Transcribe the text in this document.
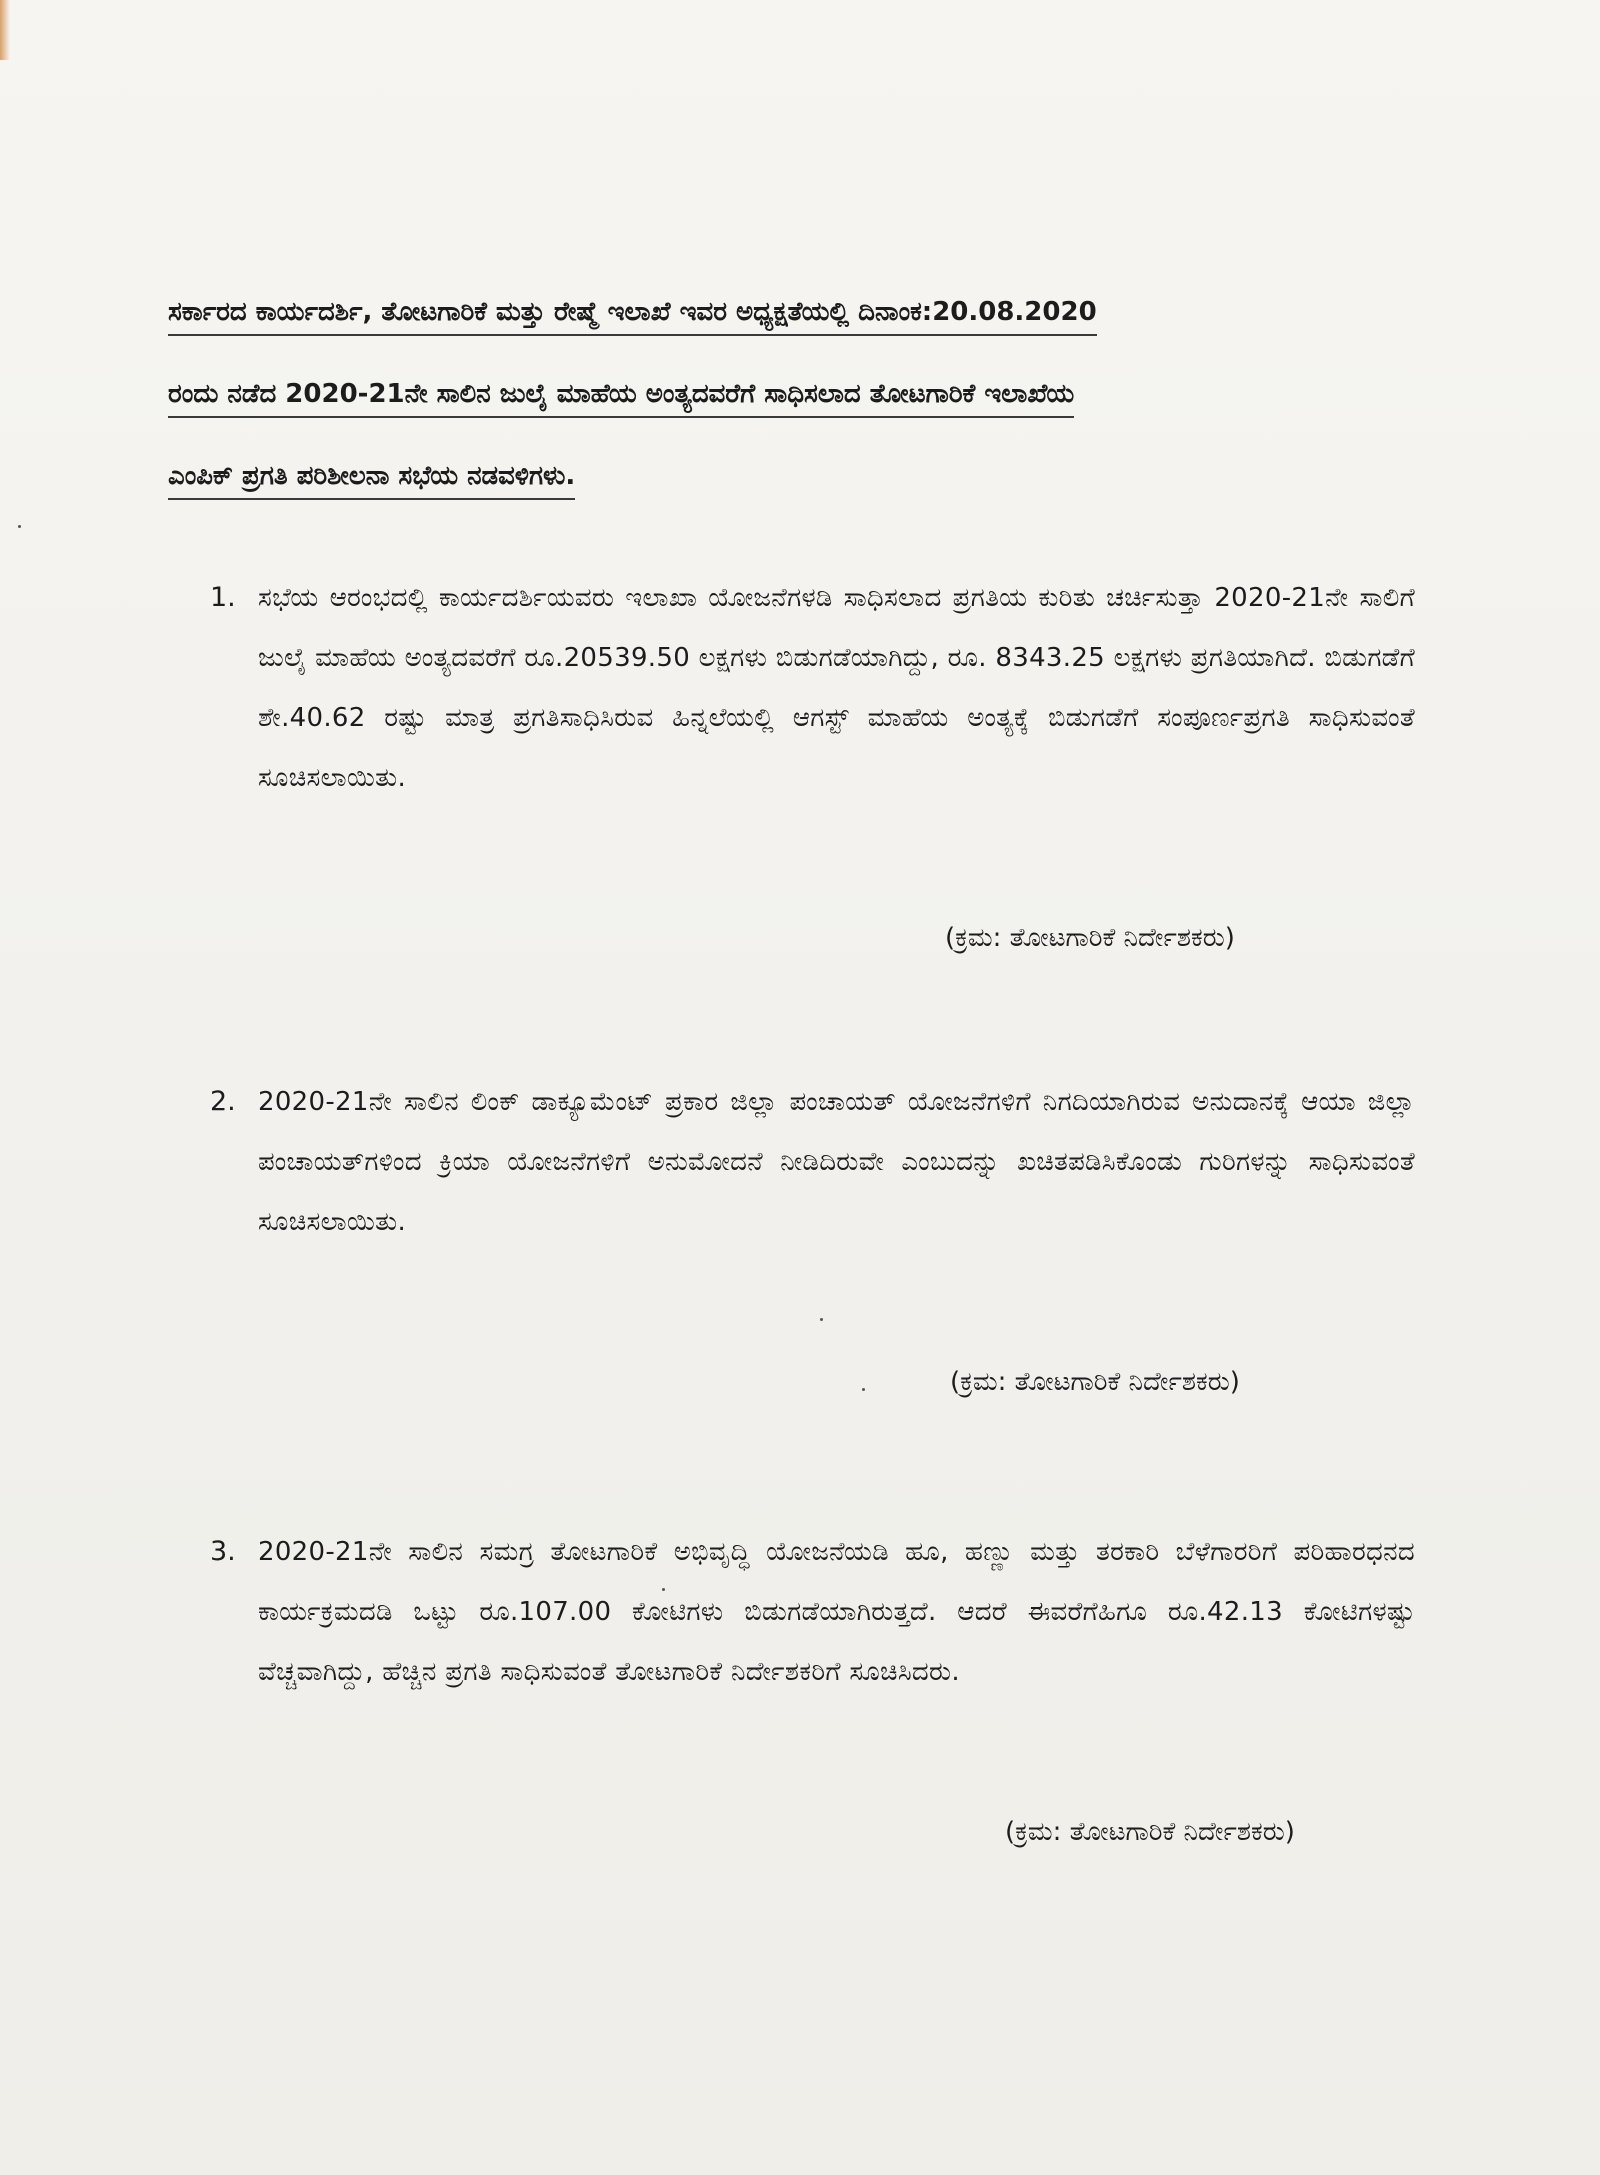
ಸರ್ಕಾರದ ಕಾರ್ಯದರ್ಶಿ, ತೋಟಗಾರಿಕೆ ಮತ್ತು ರೇಷ್ಮೆ ಇಲಾಖೆ ಇವರ ಅಧ್ಯಕ್ಷತೆಯಲ್ಲಿ ದಿನಾಂಕ:20.08.2020
ರಂದು ನಡೆದ 2020-21ನೇ ಸಾಲಿನ ಜುಲೈ ಮಾಹೆಯ ಅಂತ್ಯದವರೆಗೆ ಸಾಧಿಸಲಾದ ತೋಟಗಾರಿಕೆ ಇಲಾಖೆಯ
ಎಂಪಿಕ್ ಪ್ರಗತಿ ಪರಿಶೀಲನಾ ಸಭೆಯ ನಡವಳಿಗಳು.
1. ಸಭೆಯ ಆರಂಭದಲ್ಲಿ ಕಾರ್ಯದರ್ಶಿಯವರು ಇಲಾಖಾ ಯೋಜನೆಗಳಡಿ ಸಾಧಿಸಲಾದ ಪ್ರಗತಿಯ ಕುರಿತು ಚರ್ಚಿಸುತ್ತಾ 2020-21ನೇ ಸಾಲಿಗೆ ಜುಲೈ ಮಾಹೆಯ ಅಂತ್ಯದವರೆಗೆ ರೂ.20539.50 ಲಕ್ಷಗಳು ಬಿಡುಗಡೆಯಾಗಿದ್ದು, ರೂ. 8343.25 ಲಕ್ಷಗಳು ಪ್ರಗತಿಯಾಗಿದೆ. ಬಿಡುಗಡೆಗೆ ಶೇ.40.62 ರಷ್ಟು ಮಾತ್ರ ಪ್ರಗತಿಸಾಧಿಸಿರುವ ಹಿನ್ನಲೆಯಲ್ಲಿ ಆಗಸ್ಟ್ ಮಾಹೆಯ ಅಂತ್ಯಕ್ಕೆ ಬಿಡುಗಡೆಗೆ ಸಂಪೂರ್ಣಪ್ರಗತಿ ಸಾಧಿಸುವಂತೆ ಸೂಚಿಸಲಾಯಿತು.
(ಕ್ರಮ: ತೋಟಗಾರಿಕೆ ನಿರ್ದೇಶಕರು)
2. 2020-21ನೇ ಸಾಲಿನ ಲಿಂಕ್ ಡಾಕ್ಯೂಮೆಂಟ್ ಪ್ರಕಾರ ಜಿಲ್ಲಾ ಪಂಚಾಯತ್ ಯೋಜನೆಗಳಿಗೆ ನಿಗದಿಯಾಗಿರುವ ಅನುದಾನಕ್ಕೆ ಆಯಾ ಜಿಲ್ಲಾ ಪಂಚಾಯತ್‌ಗಳಿಂದ ಕ್ರಿಯಾ ಯೋಜನೆಗಳಿಗೆ ಅನುಮೋದನೆ ನೀಡಿದಿರುವೇ ಎಂಬುದನ್ನು ಖಚಿತಪಡಿಸಿಕೊಂಡು ಗುರಿಗಳನ್ನು ಸಾಧಿಸುವಂತೆ ಸೂಚಿಸಲಾಯಿತು.
(ಕ್ರಮ: ತೋಟಗಾರಿಕೆ ನಿರ್ದೇಶಕರು)
3. 2020-21ನೇ ಸಾಲಿನ ಸಮಗ್ರ ತೋಟಗಾರಿಕೆ ಅಭಿವೃದ್ಧಿ ಯೋಜನೆಯಡಿ ಹೂ, ಹಣ್ಣು ಮತ್ತು ತರಕಾರಿ ಬೆಳೆಗಾರರಿಗೆ ಪರಿಹಾರಧನದ ಕಾರ್ಯಕ್ರಮದಡಿ ಒಟ್ಟು ರೂ.107.00 ಕೋಟಿಗಳು ಬಿಡುಗಡೆಯಾಗಿರುತ್ತದೆ. ಆದರೆ ಈವರೆಗೆಹಿಗೂ ರೂ.42.13 ಕೋಟಿಗಳಷ್ಟು ವೆಚ್ಚವಾಗಿದ್ದು, ಹೆಚ್ಚಿನ ಪ್ರಗತಿ ಸಾಧಿಸುವಂತೆ ತೋಟಗಾರಿಕೆ ನಿರ್ದೇಶಕರಿಗೆ ಸೂಚಿಸಿದರು.
(ಕ್ರಮ: ತೋಟಗಾರಿಕೆ ನಿರ್ದೇಶಕರು)
